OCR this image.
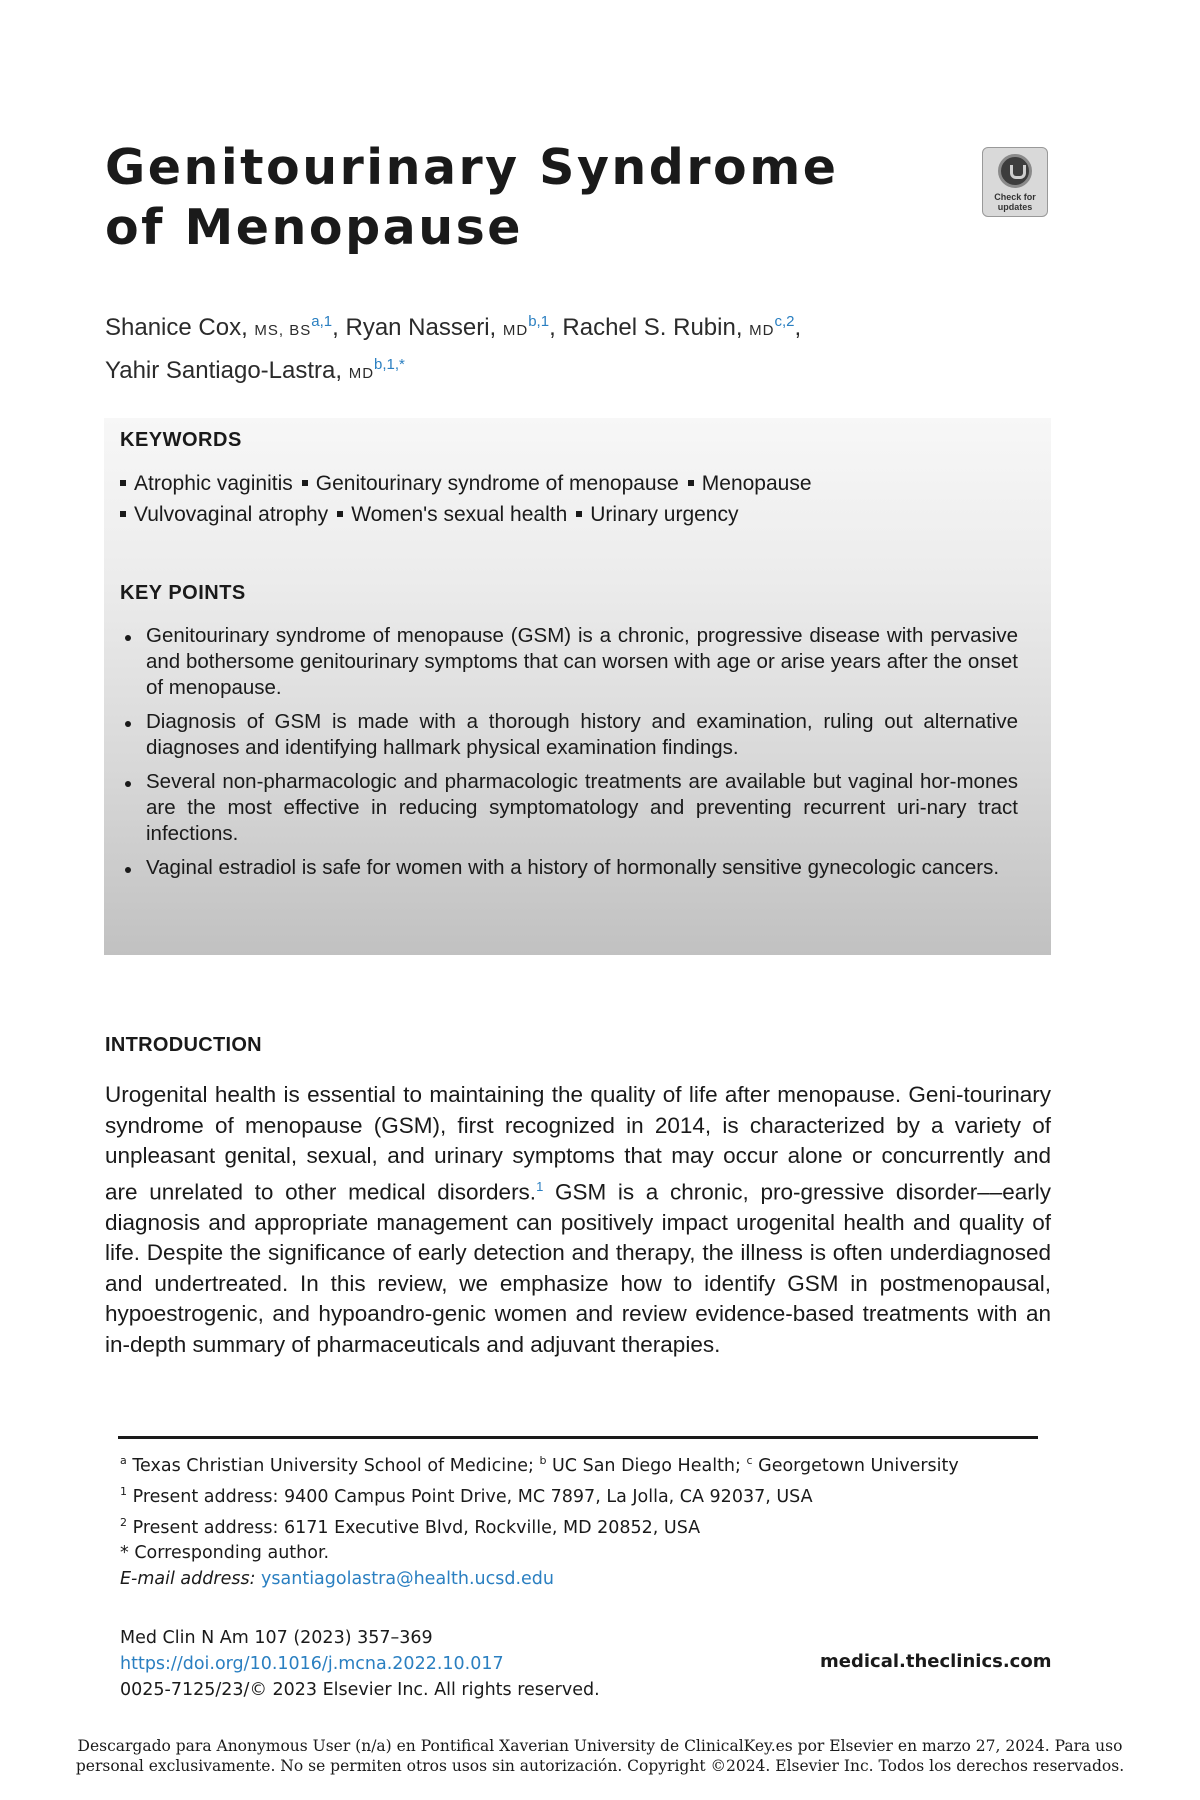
Genitourinary Syndrome of Menopause
Check for updates
Shanice Cox, MS, BS$^{a,1}$, Ryan Nasseri, MD$^{b,1}$, Rachel S. Rubin, MD$^{c,2}$,
Yahir Santiago-Lastra, $MD^{b,1,*}$
KEYWORDS
Atrophic vaginitis Genitourinary syndrome of menopause Menopause
Vulvovaginal atrophy Women's sexual health Urinary urgency
KEY POINTS
Genitourinary syndrome of menopause (GSM) is a chronic, progressive disease with pervasive and bothersome genitourinary symptoms that can worsen with age or arise years after the onset of menopause.
Diagnosis of GSM is made with a thorough history and examination, ruling out alternative diagnoses and identifying hallmark physical examination findings.
Several non-pharmacologic and pharmacologic treatments are available but vaginal hor-mones are the most effective in reducing symptomatology and preventing recurrent uri-nary tract infections.
Vaginal estradiol is safe for women with a history of hormonally sensitive gynecologic cancers.
INTRODUCTION
Urogenital health is essential to maintaining the quality of life after menopause. Geni-tourinary syndrome of menopause (GSM), first recognized in 2014, is characterized by a variety of unpleasant genital, sexual, and urinary symptoms that may occur alone or concurrently and are unrelated to other medical disorders.$^1$ GSM is a chronic, pro-gressive disorder––early diagnosis and appropriate management can positively impact urogenital health and quality of life. Despite the significance of early detection and therapy, the illness is often underdiagnosed and undertreated. In this review, we emphasize how to identify GSM in postmenopausal, hypoestrogenic, and hypoandro-genic women and review evidence-based treatments with an in-depth summary of pharmaceuticals and adjuvant therapies.
$^a$ Texas Christian University School of Medicine; $^b$ UC San Diego Health; $^c$ Georgetown University
$^1$ Present address: 9400 Campus Point Drive, MC 7897, La Jolla, CA 92037, USA
$^2$ Present address: 6171 Executive Blvd, Rockville, MD 20852, USA
* Corresponding author.
E-mail address: ysantiagolastra@health.ucsd.edu
Med Clin N Am 107 (2023) 357–369
https://doi.org/10.1016/j.mcna.2022.10.017
0025-7125/23/© 2023 Elsevier Inc. All rights reserved.
medical.theclinics.com
Descargado para Anonymous User (n/a) en Pontifical Xaverian University de ClinicalKey.es por Elsevier en marzo 27, 2024. Para uso
personal exclusivamente. No se permiten otros usos sin autorización. Copyright ©2024. Elsevier Inc. Todos los derechos reservados.
